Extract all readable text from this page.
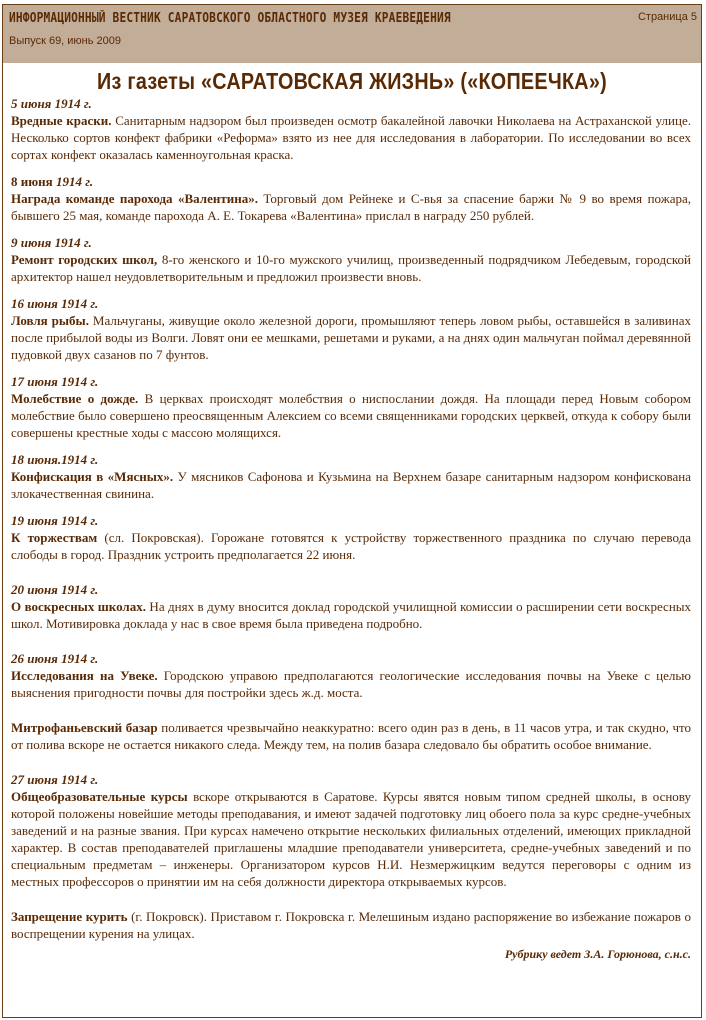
ИНФОРМАЦИОННЫЙ ВЕСТНИК САРАТОВСКОГО ОБЛАСТНОГО МУЗЕЯ КРАЕВЕДЕНИЯ
Выпуск 69, июнь 2009
Страница 5
Из газеты «САРАТОВСКАЯ ЖИЗНЬ» («КОПЕЕЧКА»)
5 июня 1914 г.
Вредные краски. Санитарным надзором был произведен осмотр бакалейной лавочки Николаева на Астраханской улице. Несколько сортов конфект фабрики «Реформа» взято из нее для исследования в лаборатории. По исследовании во всех сортах конфект оказалась каменноугольная краска.
8 июня 1914 г.
Награда команде парохода «Валентина». Торговый дом Рейнеке и С-вья за спасение баржи № 9 во время пожара, бывшего 25 мая, команде парохода А. Е. Токарева «Валентина» прислал в награду 250 рублей.
9 июня 1914 г.
Ремонт городских школ, 8-го женского и 10-го мужского училищ, произведенный подрядчиком Лебедевым, городской архитектор нашел неудовлетворительным и предложил произвести вновь.
16 июня 1914 г.
Ловля рыбы. Мальчуганы, живущие около железной дороги, промышляют теперь ловом рыбы, оставшейся в заливинах после прибылой воды из Волги. Ловят они ее мешками, решетами и руками, а на днях один мальчуган поймал деревянной пудовкой двух сазанов по 7 фунтов.
17 июня 1914 г.
Молебствие о дожде. В церквах происходят молебствия о ниспослании дождя. На площади перед Новым собором молебствие было совершено преосвященным Алексием со всеми священниками городских церквей, откуда к собору были совершены крестные ходы с массою молящихся.
18 июня.1914 г.
Конфискация в «Мясных». У мясников Сафонова и Кузьмина на Верхнем базаре санитарным надзором конфискована злокачественная свинина.
19 июня 1914 г.
К торжествам (сл. Покровская). Горожане готовятся к устройству торжественного праздника по случаю перевода слободы в город. Праздник устроить предполагается 22 июня.
20 июня 1914 г.
О воскресных школах. На днях в думу вносится доклад городской училищной комиссии о расширении сети воскресных школ. Мотивировка доклада у нас в свое время была приведена подробно.
26 июня 1914 г.
Исследования на Увеке. Городскою управою предполагаются геологические исследования почвы на Увеке с целью выяснения пригодности почвы для постройки здесь ж.д. моста.
Митрофаньевский базар поливается чрезвычайно неаккуратно: всего один раз в день, в 11 часов утра, и так скудно, что от полива вскоре не остается никакого следа. Между тем, на полив базара следовало бы обратить особое внимание.
27 июня 1914 г.
Общеобразовательные курсы вскоре открываются в Саратове. Курсы явятся новым типом средней школы, в основу которой положены новейшие методы преподавания, и имеют задачей подготовку лиц обоего пола за курс средне-учебных заведений и на разные звания. При курсах намечено открытие нескольких филиальных отделений, имеющих прикладной характер. В состав преподавателей приглашены младшие преподаватели университета, средне-учебных заведений и по специальным предметам – инженеры. Организатором курсов Н.И. Незмержицким ведутся переговоры с одним из местных профессоров о принятии им на себя должности директора открываемых курсов.
Запрещение курить (г. Покровск). Приставом г. Покровска г. Мелешиным издано распоряжение во избежание пожаров о воспрещении курения на улицах.
Рубрику ведет З.А. Горюнова, с.н.с.
